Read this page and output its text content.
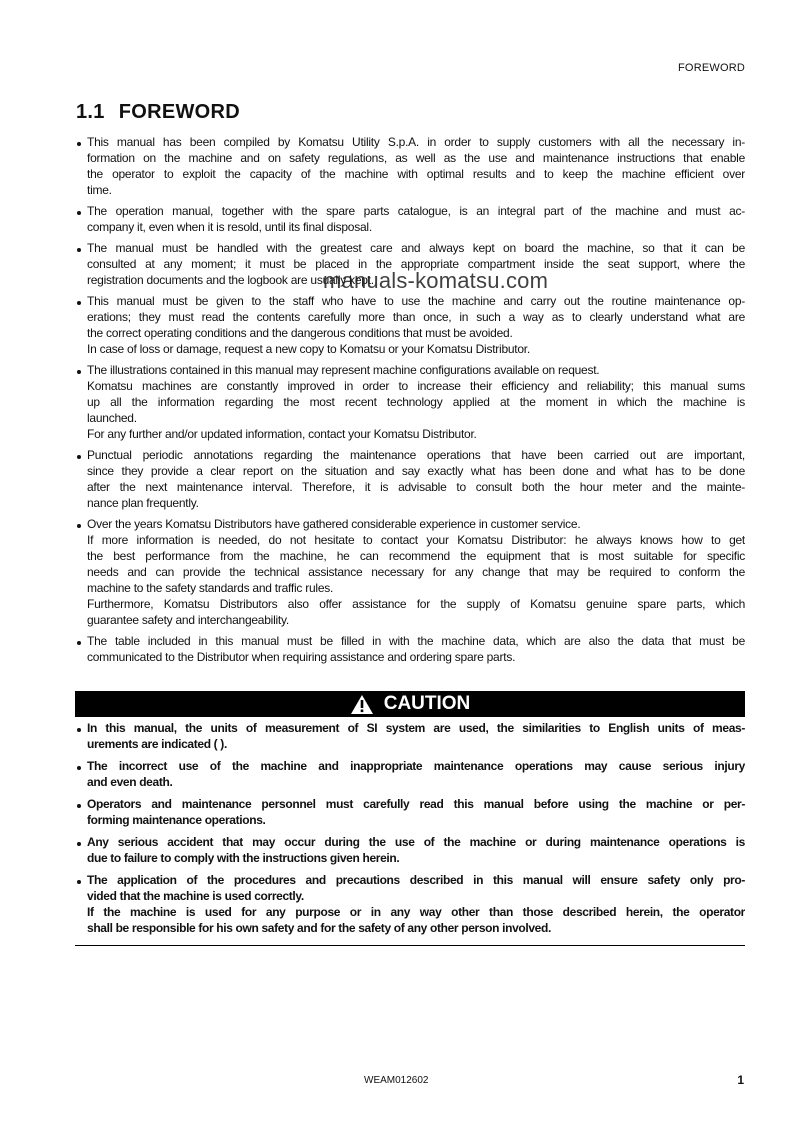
FOREWORD
1.1 FOREWORD
This manual has been compiled by Komatsu Utility S.p.A. in order to supply customers with all the necessary in-
formation on the machine and on safety regulations, as well as the use and maintenance instructions that enable
the operator to exploit the capacity of the machine with optimal results and to keep the machine efficient over
time.
The operation manual, together with the spare parts catalogue, is an integral part of the machine and must ac-
company it, even when it is resold, until its final disposal.
The manual must be handled with the greatest care and always kept on board the machine, so that it can be
consulted at any moment; it must be placed in the appropriate compartment inside the seat support, where the
registration documents and the logbook are usually kept.
This manual must be given to the staff who have to use the machine and carry out the routine maintenance op-
erations; they must read the contents carefully more than once, in such a way as to clearly understand what are
the correct operating conditions and the dangerous conditions that must be avoided.
In case of loss or damage, request a new copy to Komatsu or your Komatsu Distributor.
The illustrations contained in this manual may represent machine configurations available on request.
Komatsu machines are constantly improved in order to increase their efficiency and reliability; this manual sums
up all the information regarding the most recent technology applied at the moment in which the machine is
launched.
For any further and/or updated information, contact your Komatsu Distributor.
Punctual periodic annotations regarding the maintenance operations that have been carried out are important,
since they provide a clear report on the situation and say exactly what has been done and what has to be done
after the next maintenance interval. Therefore, it is advisable to consult both the hour meter and the mainte-
nance plan frequently.
Over the years Komatsu Distributors have gathered considerable experience in customer service.
If more information is needed, do not hesitate to contact your Komatsu Distributor: he always knows how to get
the best performance from the machine, he can recommend the equipment that is most suitable for specific
needs and can provide the technical assistance necessary for any change that may be required to conform the
machine to the safety standards and traffic rules.
Furthermore, Komatsu Distributors also offer assistance for the supply of Komatsu genuine spare parts, which
guarantee safety and interchangeability.
The table included in this manual must be filled in with the machine data, which are also the data that must be
communicated to the Distributor when requiring assistance and ordering spare parts.
CAUTION
In this manual, the units of measurement of SI system are used, the similarities to English units of meas-
urements are indicated ( ).
The incorrect use of the machine and inappropriate maintenance operations may cause serious injury
and even death.
Operators and maintenance personnel must carefully read this manual before using the machine or per-
forming maintenance operations.
Any serious accident that may occur during the use of the machine or during maintenance operations is
due to failure to comply with the instructions given herein.
The application of the procedures and precautions described in this manual will ensure safety only pro-
vided that the machine is used correctly.
If the machine is used for any purpose or in any way other than those described herein, the operator
shall be responsible for his own safety and for the safety of any other person involved.
manuals-komatsu.com
WEAM012602	1
